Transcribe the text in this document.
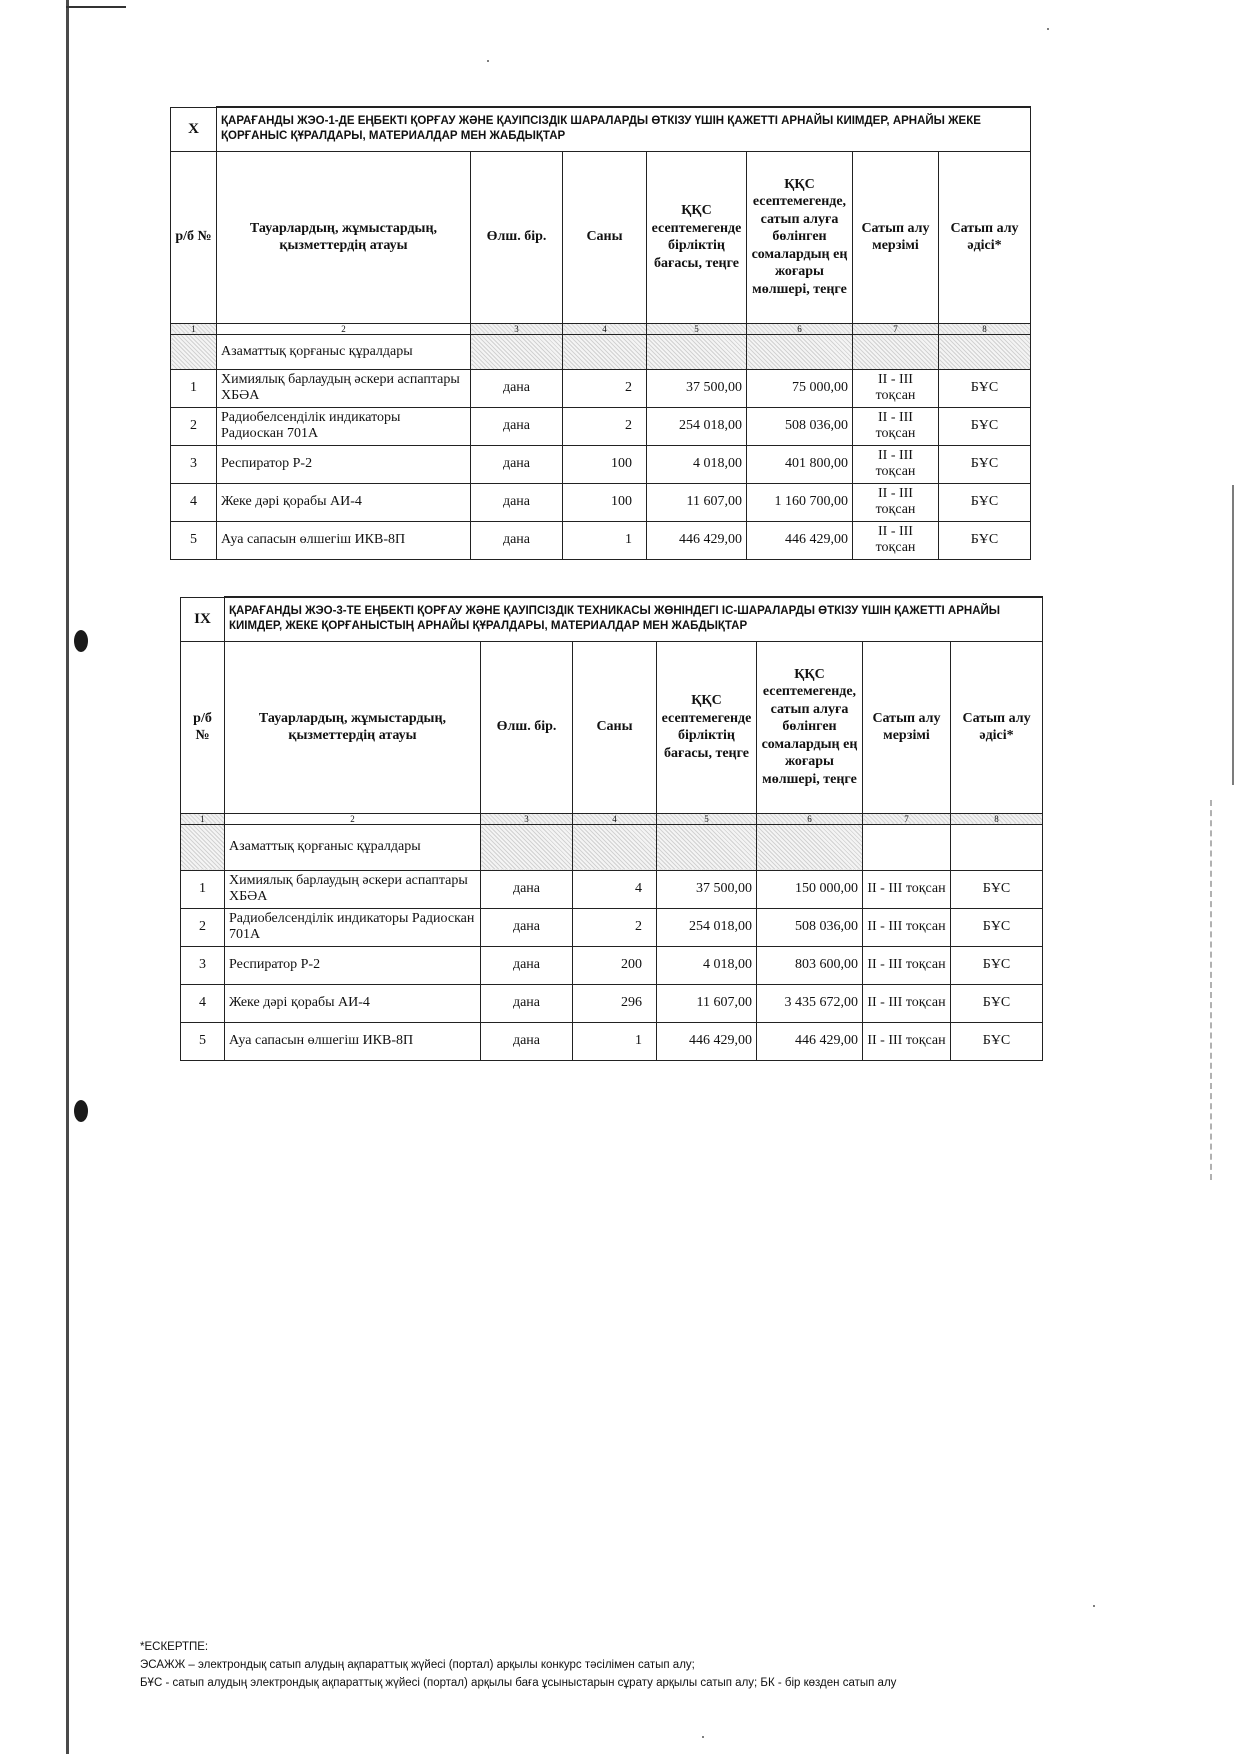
X	ҚАРАҒАНДЫ ЖЭО-1-ДЕ ЕҢБЕКТІ ҚОРҒАУ ЖӘНЕ ҚАУІПСІЗДІК ШАРАЛАРДЫ ӨТКІЗУ ҮШІН ҚАЖЕТТІ АРНАЙЫ КИІМДЕР, АРНАЙЫ ЖЕКЕ ҚОРҒАНЫС ҚҰРАЛДАРЫ, МАТЕРИАЛДАР МЕН ЖАБДЫҚТАР						
р/б №	Тауарлардың, жұмыстардың, қызметтердің атауы	Өлш. бір.	Саны	ҚҚС есептемегенде бірліктің бағасы, теңге	ҚҚС есептемегенде, сатып алуға бөлінген сомалардың ең жоғары мөлшері, теңге	Сатып алу мерзімі	Сатып алу әдісі*
1	2	3	4	5	6	7	8
	Азаматтық қорғаныс құралдары						
1	Химиялық барлаудың әскери аспаптары ХБӘА	дана	2	37 500,00	75 000,00	II - III тоқсан	БҰС
2	Радиобелсенділік индикаторы Радиоскан 701А	дана	2	254 018,00	508 036,00	II - III тоқсан	БҰС
3	Респиратор Р-2	дана	100	4 018,00	401 800,00	II - III тоқсан	БҰС
4	Жеке дәрі қорабы АИ-4	дана	100	11 607,00	1 160 700,00	II - III тоқсан	БҰС
5	Ауа сапасын өлшегіш ИКВ-8П	дана	1	446 429,00	446 429,00	II - III тоқсан	БҰС
IX	ҚАРАҒАНДЫ ЖЭО-3-ТЕ ЕҢБЕКТІ ҚОРҒАУ ЖӘНЕ ҚАУІПСІЗДІК ТЕХНИКАСЫ ЖӨНІНДЕГІ ІС-ШАРАЛАРДЫ ӨТКІЗУ ҮШІН ҚАЖЕТТІ АРНАЙЫ КИІМДЕР, ЖЕКЕ ҚОРҒАНЫСТЫҢ АРНАЙЫ ҚҰРАЛДАРЫ, МАТЕРИАЛДАР МЕН ЖАБДЫҚТАР						
р/б №	Тауарлардың, жұмыстардың, қызметтердің атауы	Өлш. бір.	Саны	ҚҚС есептемегенде бірліктің бағасы, теңге	ҚҚС есептемегенде, сатып алуға бөлінген сомалардың ең жоғары мөлшері, теңге	Сатып алу мерзімі	Сатып алу әдісі*
1	2	3	4	5	6	7	8
	Азаматтық қорғаныс құралдары						
1	Химиялық барлаудың әскери аспаптары ХБӘА	дана	4	37 500,00	150 000,00	II - III тоқсан	БҰС
2	Радиобелсенділік индикаторы Радиоскан 701А	дана	2	254 018,00	508 036,00	II - III тоқсан	БҰС
3	Респиратор Р-2	дана	200	4 018,00	803 600,00	II - III тоқсан	БҰС
4	Жеке дәрі қорабы АИ-4	дана	296	11 607,00	3 435 672,00	II - III тоқсан	БҰС
5	Ауа сапасын өлшегіш ИКВ-8П	дана	1	446 429,00	446 429,00	II - III тоқсан	БҰС
*ЕСКЕРТПЕ:
ЭСАЖЖ – электрондық сатып алудың ақпараттық жүйесі (портал) арқылы конкурс тәсілімен сатып алу;
БҰС - сатып алудың электрондық ақпараттық жүйесі (портал) арқылы баға ұсыныстарын сұрату арқылы сатып алу; БК - бір көзден сатып алу
